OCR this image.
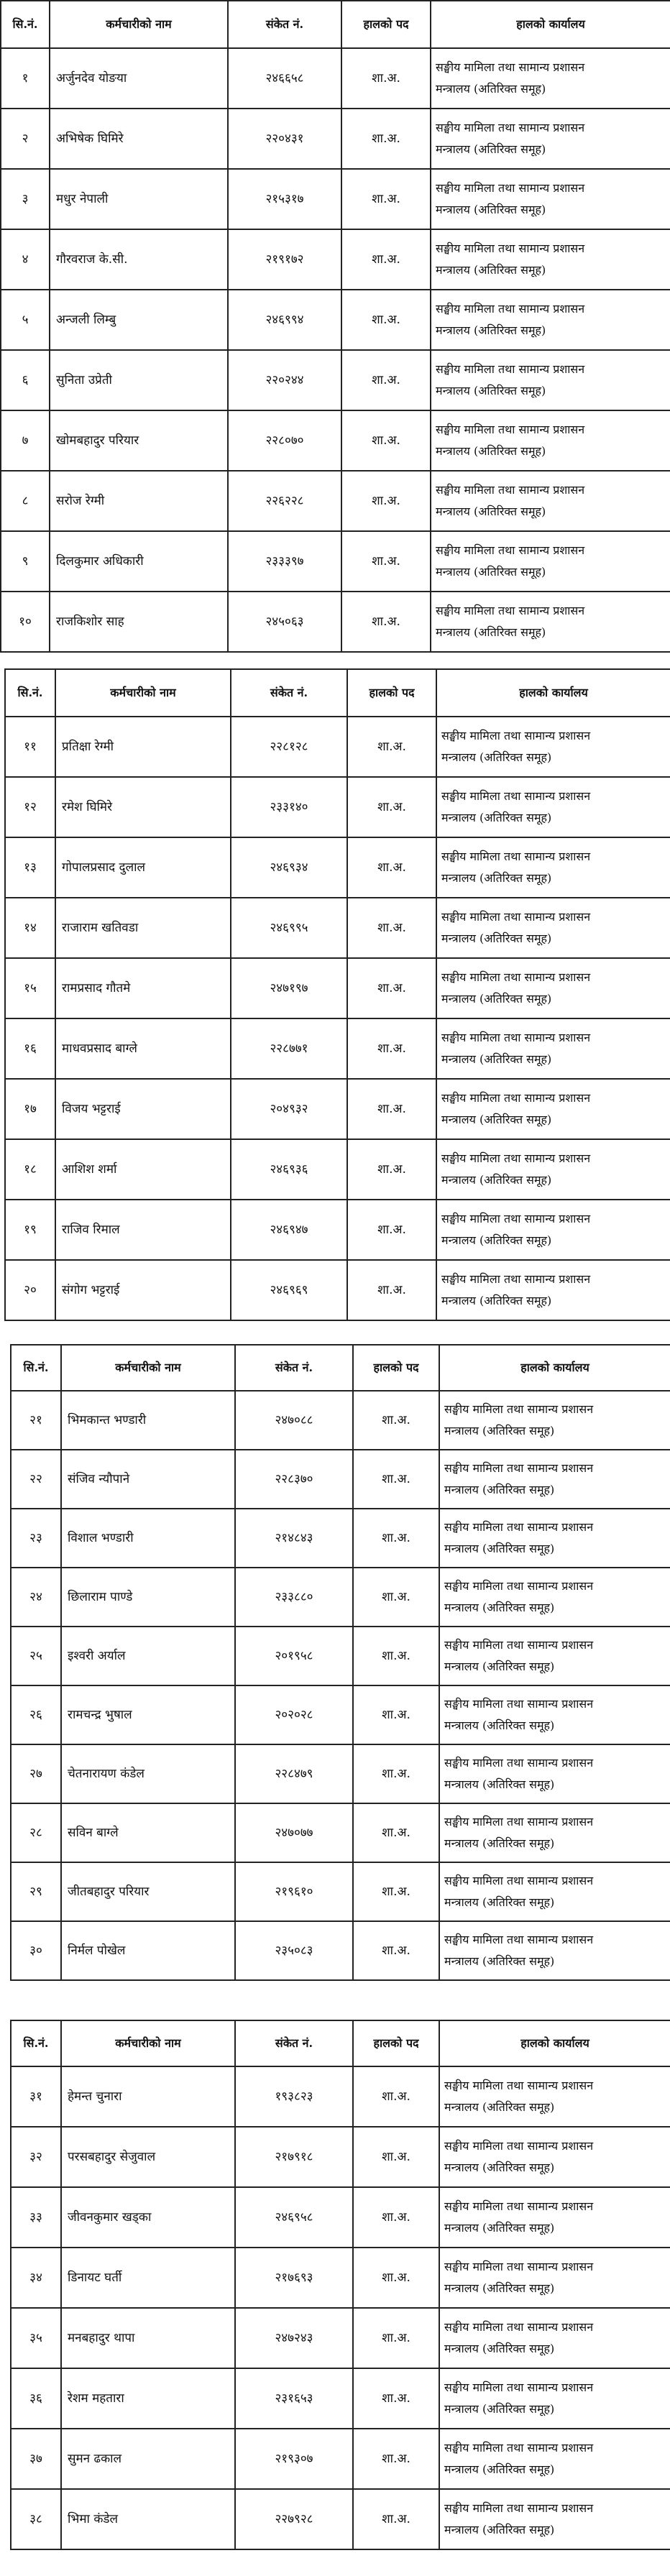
सि.नं.	कर्मचारीको नाम	संकेत नं.	हालको पद	हालको कार्यालय
१	अर्जुनदेव योङया	२४६६५८	शा.अ.	सङ्घीय मामिला तथा सामान्य प्रशासन
मन्त्रालय (अतिरिक्त समूह)

२	अभिषेक घिमिरे	२२०४३१	शा.अ.	सङ्घीय मामिला तथा सामान्य प्रशासन
मन्त्रालय (अतिरिक्त समूह)

३	मधुर नेपाली	२१५३१७	शा.अ.	सङ्घीय मामिला तथा सामान्य प्रशासन
मन्त्रालय (अतिरिक्त समूह)

४	गौरवराज के.सी.	२१९१७२	शा.अ.	सङ्घीय मामिला तथा सामान्य प्रशासन
मन्त्रालय (अतिरिक्त समूह)

५	अन्जली लिम्बु	२४६९९४	शा.अ.	सङ्घीय मामिला तथा सामान्य प्रशासन
मन्त्रालय (अतिरिक्त समूह)

६	सुनिता उप्रेती	२२०२४४	शा.अ.	सङ्घीय मामिला तथा सामान्य प्रशासन
मन्त्रालय (अतिरिक्त समूह)

७	खोमबहादुर परियार	२२८०७०	शा.अ.	सङ्घीय मामिला तथा सामान्य प्रशासन
मन्त्रालय (अतिरिक्त समूह)

८	सरोज रेग्मी	२२६२२८	शा.अ.	सङ्घीय मामिला तथा सामान्य प्रशासन
मन्त्रालय (अतिरिक्त समूह)

९	दिलकुमार अधिकारी	२३३३९७	शा.अ.	सङ्घीय मामिला तथा सामान्य प्रशासन
मन्त्रालय (अतिरिक्त समूह)

१०	राजकिशोर साह	२४५०६३	शा.अ.	सङ्घीय मामिला तथा सामान्य प्रशासन
मन्त्रालय (अतिरिक्त समूह)
सि.नं.	कर्मचारीको नाम	संकेत नं.	हालको पद	हालको कार्यालय
११	प्रतिक्षा रेग्मी	२२८१२८	शा.अ.	सङ्घीय मामिला तथा सामान्य प्रशासन
मन्त्रालय (अतिरिक्त समूह)

१२	रमेश घिमिरे	२३३१४०	शा.अ.	सङ्घीय मामिला तथा सामान्य प्रशासन
मन्त्रालय (अतिरिक्त समूह)

१३	गोपालप्रसाद दुलाल	२४६९३४	शा.अ.	सङ्घीय मामिला तथा सामान्य प्रशासन
मन्त्रालय (अतिरिक्त समूह)

१४	राजाराम खतिवडा	२४६९९५	शा.अ.	सङ्घीय मामिला तथा सामान्य प्रशासन
मन्त्रालय (अतिरिक्त समूह)

१५	रामप्रसाद गौतमे	२४७१९७	शा.अ.	सङ्घीय मामिला तथा सामान्य प्रशासन
मन्त्रालय (अतिरिक्त समूह)

१६	माधवप्रसाद बाग्ले	२२८७७१	शा.अ.	सङ्घीय मामिला तथा सामान्य प्रशासन
मन्त्रालय (अतिरिक्त समूह)

१७	विजय भट्टराई	२०४९३२	शा.अ.	सङ्घीय मामिला तथा सामान्य प्रशासन
मन्त्रालय (अतिरिक्त समूह)

१८	आशिश शर्मा	२४६९३६	शा.अ.	सङ्घीय मामिला तथा सामान्य प्रशासन
मन्त्रालय (अतिरिक्त समूह)

१९	राजिव रिमाल	२४६९४७	शा.अ.	सङ्घीय मामिला तथा सामान्य प्रशासन
मन्त्रालय (अतिरिक्त समूह)

२०	संगोग भट्टराई	२४६९६९	शा.अ.	सङ्घीय मामिला तथा सामान्य प्रशासन
मन्त्रालय (अतिरिक्त समूह)
सि.नं.	कर्मचारीको नाम	संकेत नं.	हालको पद	हालको कार्यालय
२१	भिमकान्त भण्डारी	२४७०८८	शा.अ.	सङ्घीय मामिला तथा सामान्य प्रशासन
मन्त्रालय (अतिरिक्त समूह)

२२	संजिव न्यौपाने	२२८३७०	शा.अ.	सङ्घीय मामिला तथा सामान्य प्रशासन
मन्त्रालय (अतिरिक्त समूह)

२३	विशाल भण्डारी	२१४८४३	शा.अ.	सङ्घीय मामिला तथा सामान्य प्रशासन
मन्त्रालय (अतिरिक्त समूह)

२४	छिलाराम पाण्डे	२३३८८०	शा.अ.	सङ्घीय मामिला तथा सामान्य प्रशासन
मन्त्रालय (अतिरिक्त समूह)

२५	इश्वरी अर्याल	२०१९५८	शा.अ.	सङ्घीय मामिला तथा सामान्य प्रशासन
मन्त्रालय (अतिरिक्त समूह)

२६	रामचन्द्र भुषाल	२०२०२८	शा.अ.	सङ्घीय मामिला तथा सामान्य प्रशासन
मन्त्रालय (अतिरिक्त समूह)

२७	चेतनारायण कंडेल	२२८४७९	शा.अ.	सङ्घीय मामिला तथा सामान्य प्रशासन
मन्त्रालय (अतिरिक्त समूह)

२८	सविन बाग्ले	२४७०७७	शा.अ.	सङ्घीय मामिला तथा सामान्य प्रशासन
मन्त्रालय (अतिरिक्त समूह)

२९	जीतबहादुर परियार	२१९६१०	शा.अ.	सङ्घीय मामिला तथा सामान्य प्रशासन
मन्त्रालय (अतिरिक्त समूह)

३०	निर्मल पोखेल	२३५०८३	शा.अ.	सङ्घीय मामिला तथा सामान्य प्रशासन
मन्त्रालय (अतिरिक्त समूह)
सि.नं.	कर्मचारीको नाम	संकेत नं.	हालको पद	हालको कार्यालय
३१	हेमन्त चुनारा	१९३८२३	शा.अ.	सङ्घीय मामिला तथा सामान्य प्रशासन
मन्त्रालय (अतिरिक्त समूह)

३२	परसबहादुर सेजुवाल	२१७९१८	शा.अ.	सङ्घीय मामिला तथा सामान्य प्रशासन
मन्त्रालय (अतिरिक्त समूह)

३३	जीवनकुमार खड्का	२४६९५८	शा.अ.	सङ्घीय मामिला तथा सामान्य प्रशासन
मन्त्रालय (अतिरिक्त समूह)

३४	डिनायट घर्ती	२१७६९३	शा.अ.	सङ्घीय मामिला तथा सामान्य प्रशासन
मन्त्रालय (अतिरिक्त समूह)

३५	मनबहादुर थापा	२४७२४३	शा.अ.	सङ्घीय मामिला तथा सामान्य प्रशासन
मन्त्रालय (अतिरिक्त समूह)

३६	रेशम महतारा	२३१६५३	शा.अ.	सङ्घीय मामिला तथा सामान्य प्रशासन
मन्त्रालय (अतिरिक्त समूह)

३७	सुमन ढकाल	२१९३०७	शा.अ.	सङ्घीय मामिला तथा सामान्य प्रशासन
मन्त्रालय (अतिरिक्त समूह)

३८	भिमा कंडेल	२२७९२८	शा.अ.	सङ्घीय मामिला तथा सामान्य प्रशासन
मन्त्रालय (अतिरिक्त समूह)
